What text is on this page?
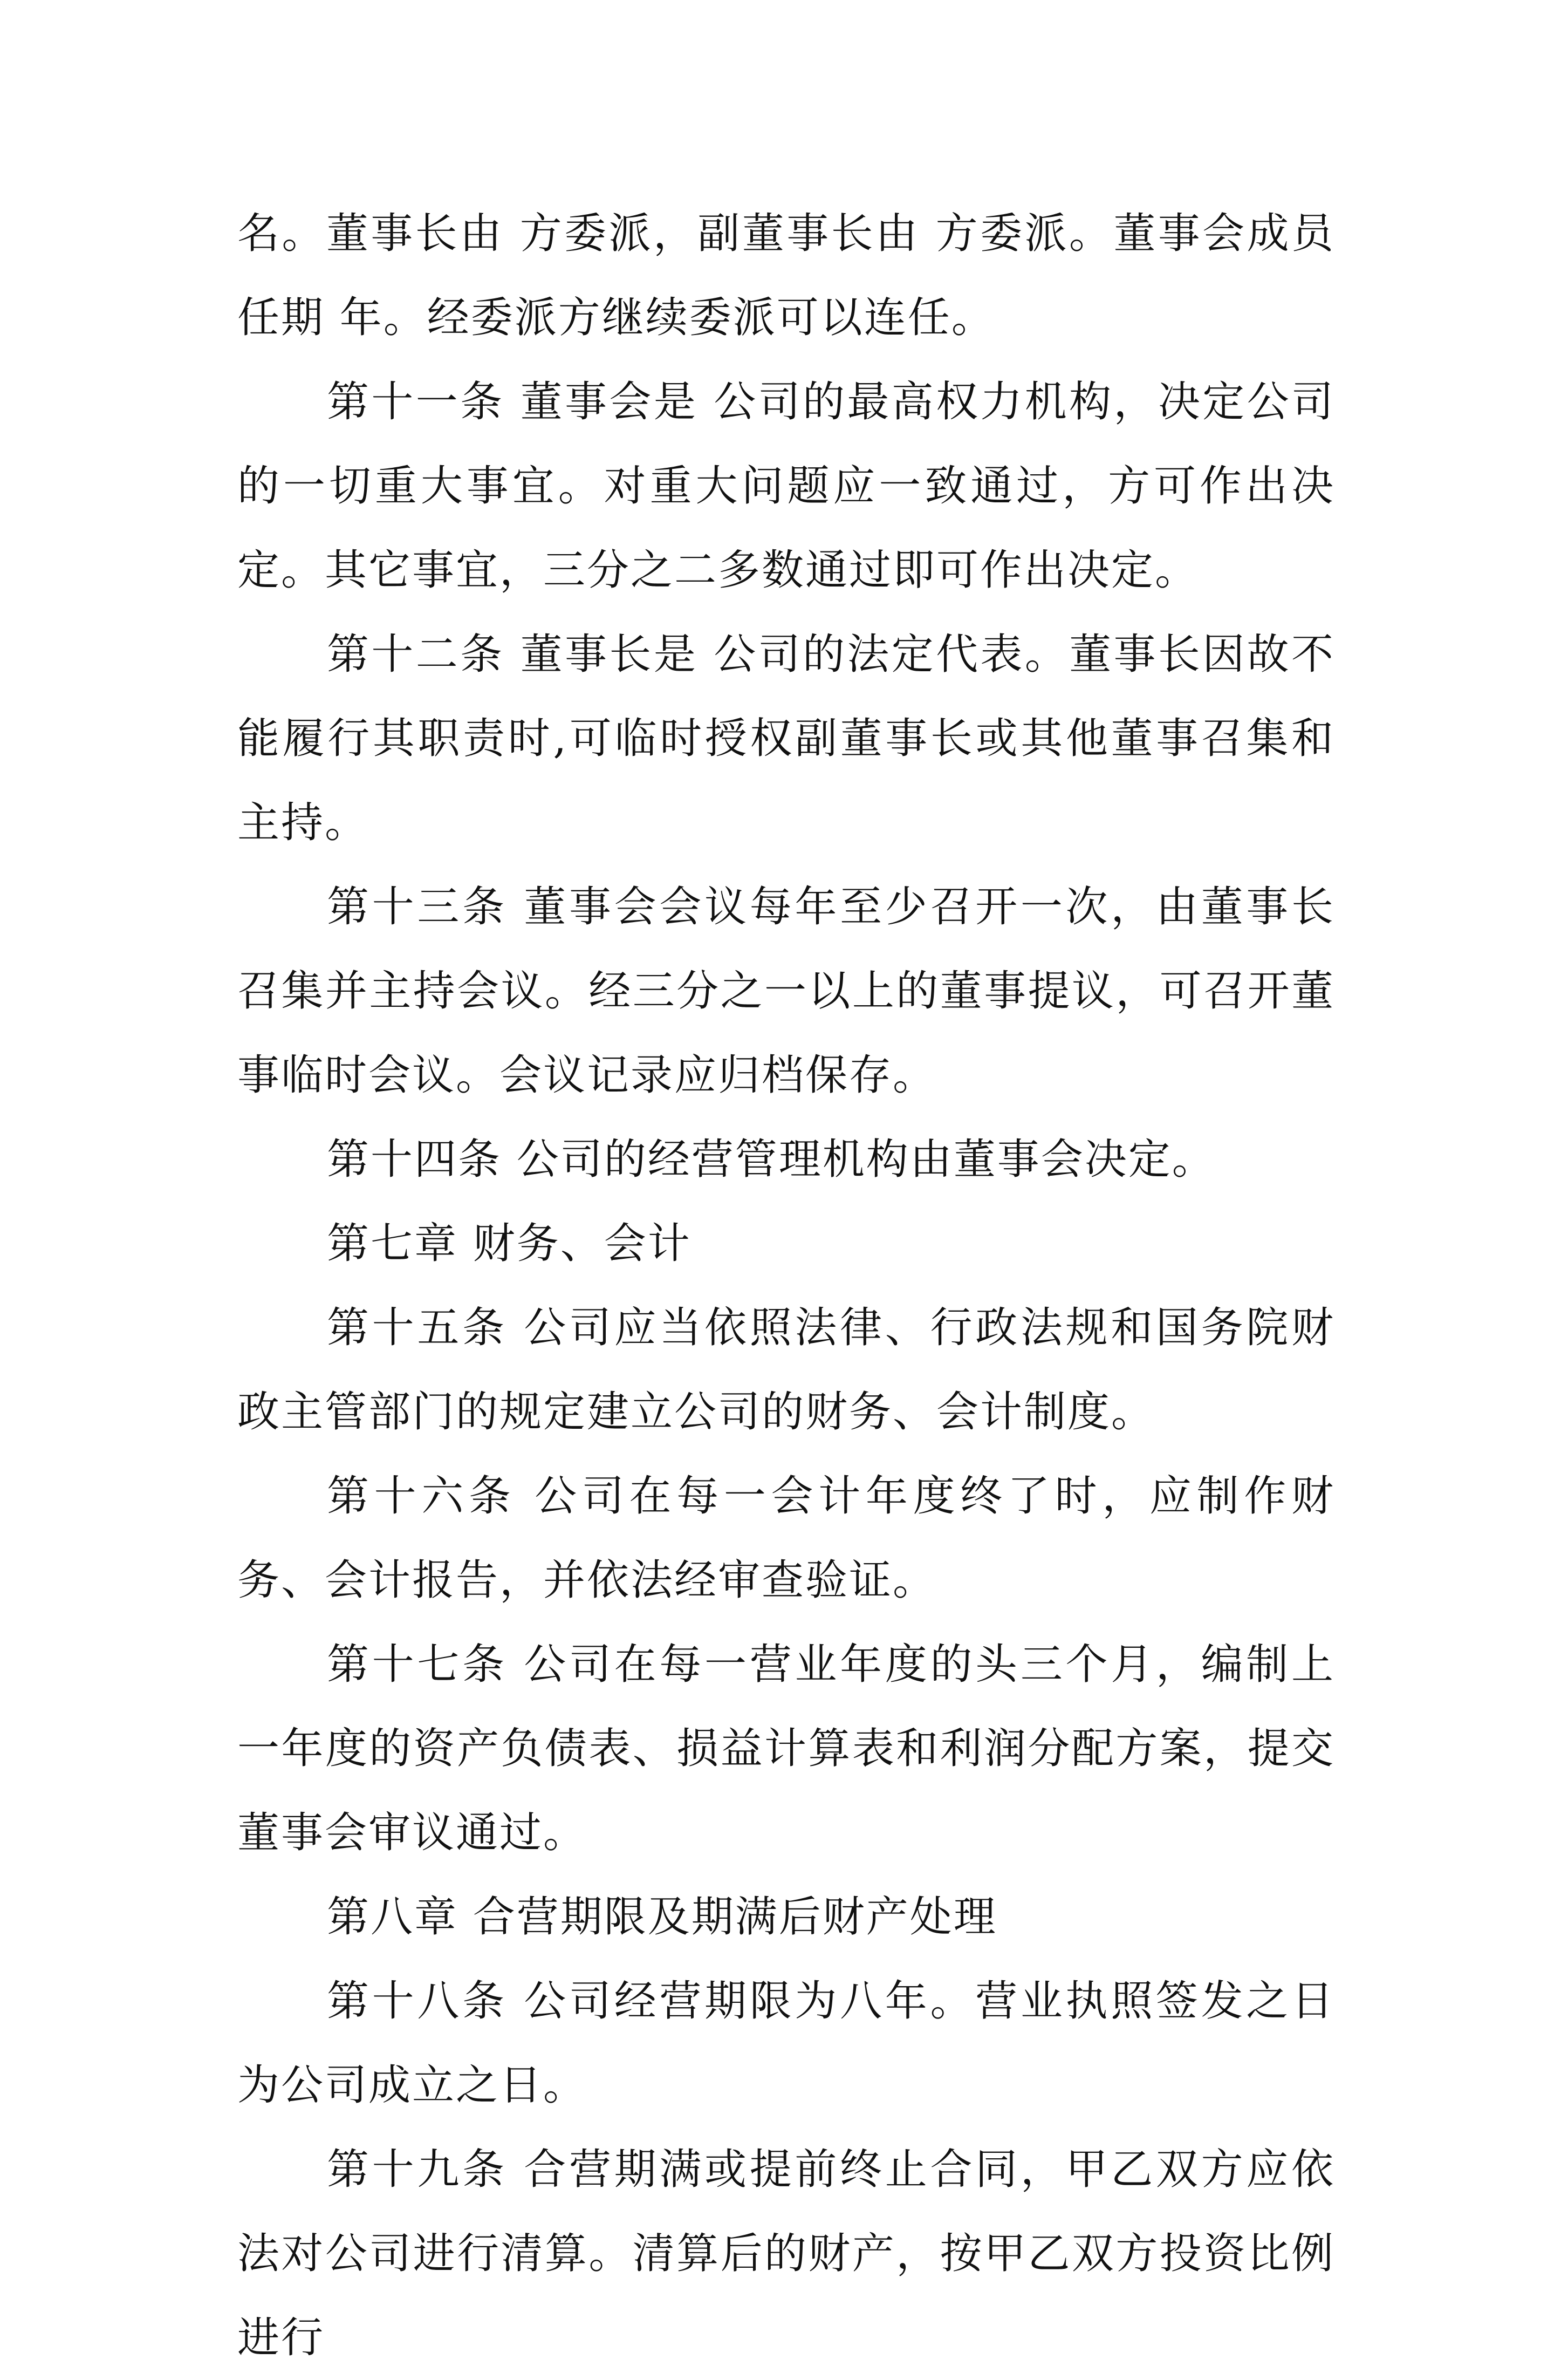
名。董事长由 方委派，副董事长由 方委派。董事会成员任期 年。经委派方继续委派可以连任。

第十一条 董事会是 公司的最高权力机构，决定公司的一切重大事宜。对重大问题应一致通过，方可作出决定。其它事宜，三分之二多数通过即可作出决定。

第十二条 董事长是 公司的法定代表。董事长因故不能履行其职责时,可临时授权副董事长或其他董事召集和主持。

第十三条 董事会会议每年至少召开一次，由董事长召集并主持会议。经三分之一以上的董事提议，可召开董事临时会议。会议记录应归档保存。

第十四条 公司的经营管理机构由董事会决定。

第七章 财务、会计

第十五条 公司应当依照法律、行政法规和国务院财政主管部门的规定建立公司的财务、会计制度。

第十六条 公司在每一会计年度终了时，应制作财务、会计报告，并依法经审查验证。

第十七条 公司在每一营业年度的头三个月，编制上一年度的资产负债表、损益计算表和利润分配方案，提交董事会审议通过。

第八章 合营期限及期满后财产处理

第十八条 公司经营期限为八年。营业执照签发之日为公司成立之日。

第十九条 合营期满或提前终止合同，甲乙双方应依法对公司进行清算。清算后的财产，按甲乙双方投资比例进行
